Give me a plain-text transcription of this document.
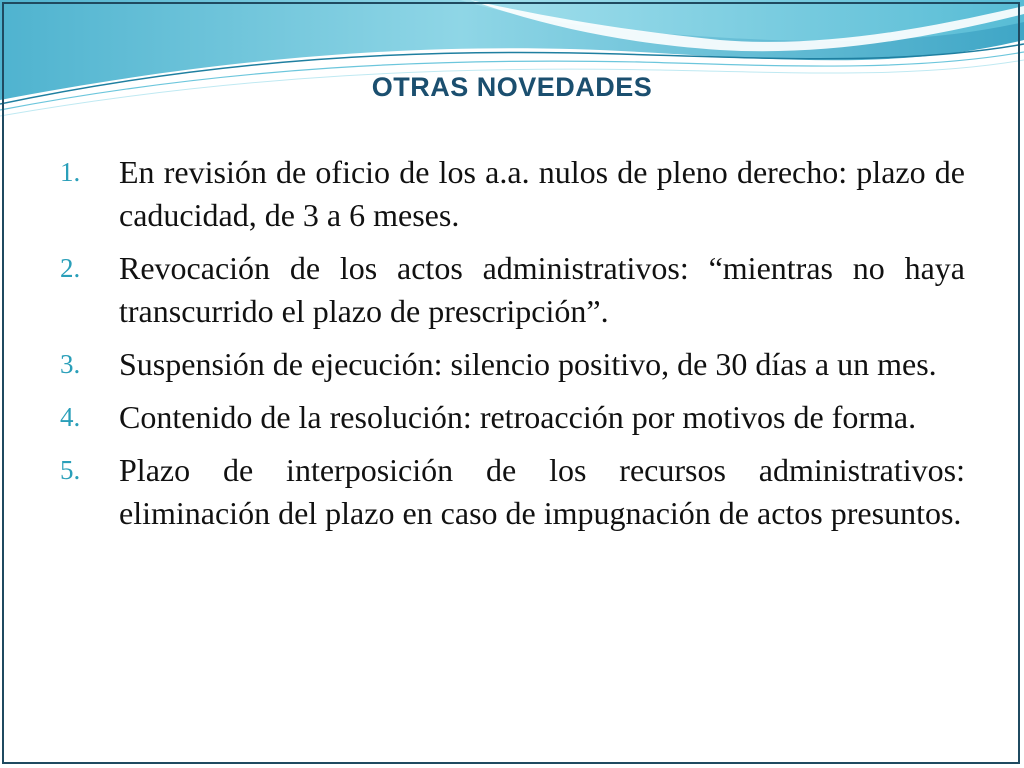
OTRAS NOVEDADES
1.	En revisión de oficio de los a.a. nulos de pleno derecho: plazo de caducidad, de 3 a 6 meses.
2.	Revocación de los actos administrativos: “mientras no haya transcurrido el plazo de prescripción”.
3.	Suspensión de ejecución: silencio positivo, de 30 días a un mes.
4.	Contenido de la resolución: retroacción por motivos de forma.
5.	Plazo de interposición de los recursos administrativos: eliminación del plazo en caso de impugnación de actos presuntos.
